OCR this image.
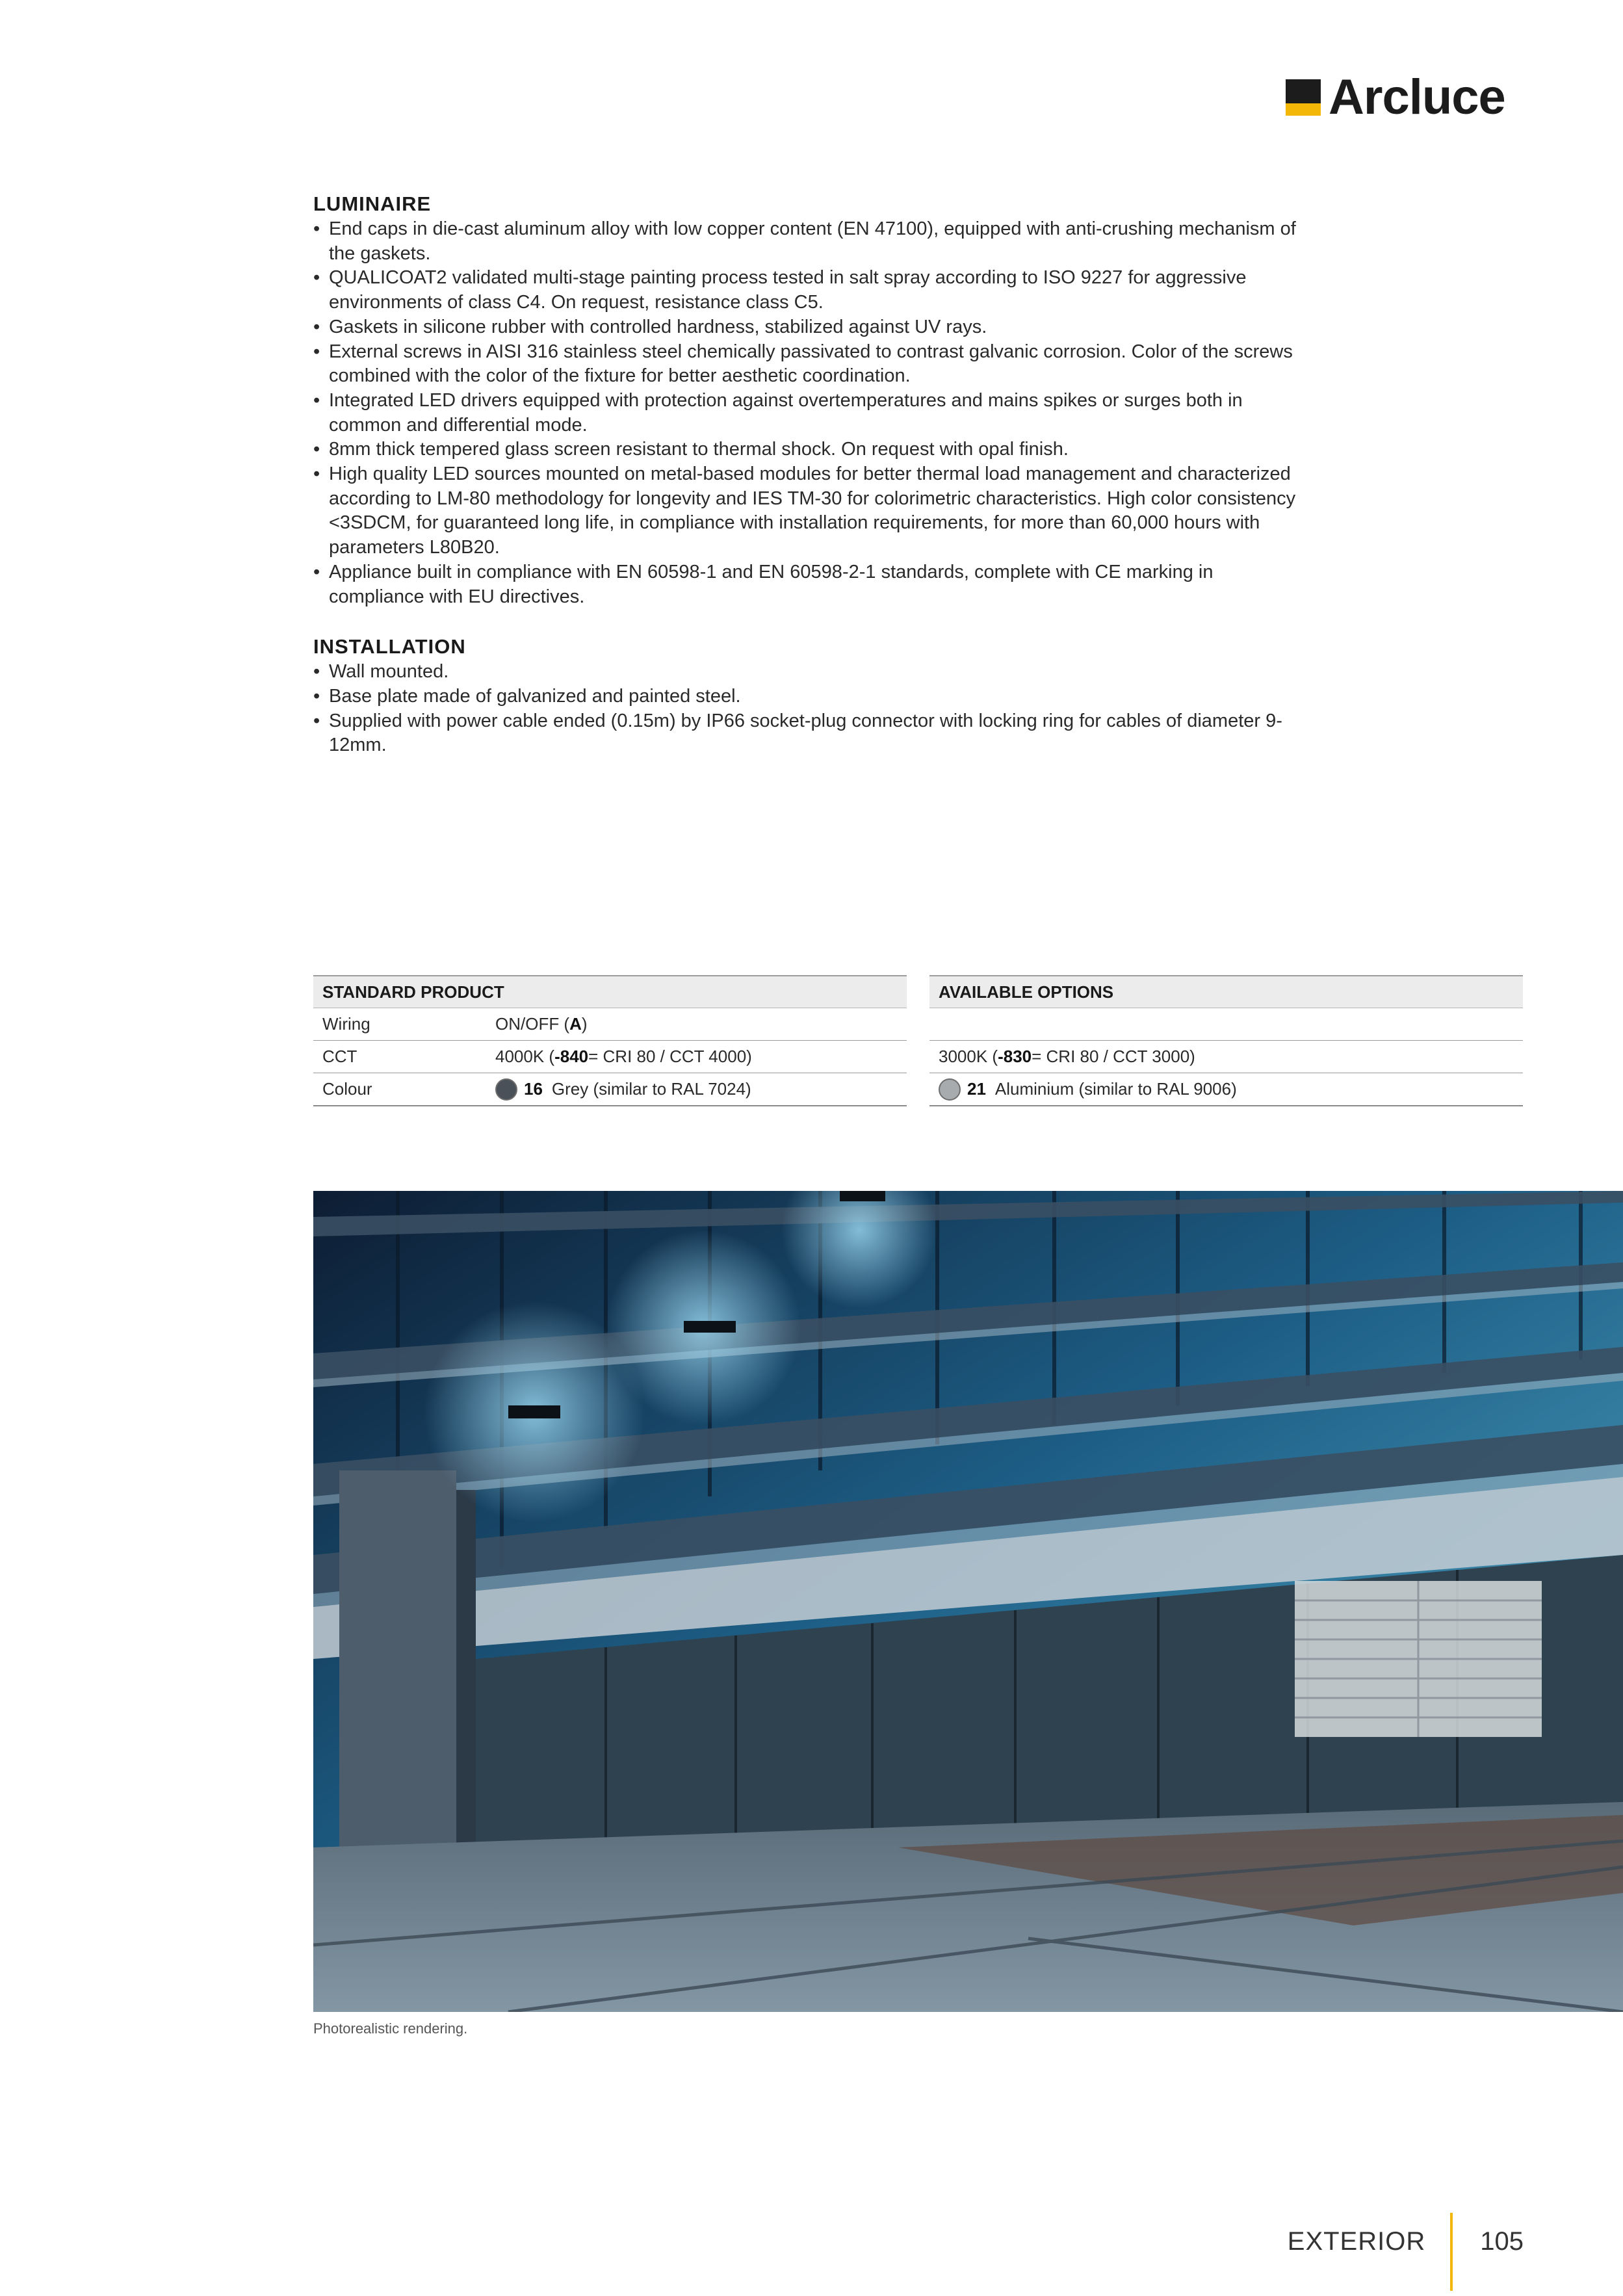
Arcluce
LUMINAIRE
• End caps in die-cast aluminum alloy with low copper content (EN 47100), equipped with anti-crushing mechanism of the gaskets.
• QUALICOAT2 validated multi-stage painting process tested in salt spray according to ISO 9227 for aggressive environments of class C4. On request, resistance class C5.
• Gaskets in silicone rubber with controlled hardness, stabilized against UV rays.
• External screws in AISI 316 stainless steel chemically passivated to contrast galvanic corrosion. Color of the screws combined with the color of the fixture for better aesthetic coordination.
• Integrated LED drivers equipped with protection against overtemperatures and mains spikes or surges both in common and differential mode.
• 8mm thick tempered glass screen resistant to thermal shock. On request with opal finish.
• High quality LED sources mounted on metal-based modules for better thermal load management and characterized according to LM-80 methodology for longevity and IES TM-30 for colorimetric characteristics. High color consistency <3SDCM, for guaranteed long life, in compliance with installation requirements, for more than 60,000 hours with parameters L80B20.
• Appliance built in compliance with EN 60598-1 and EN 60598-2-1 standards, complete with CE marking in compliance with EU directives.
INSTALLATION
• Wall mounted.
• Base plate made of galvanized and painted steel.
• Supplied with power cable ended (0.15m) by IP66 socket-plug connector with locking ring for cables of diameter 9-12mm.
STANDARD PRODUCT
Wiring	ON/OFF ( A )
CCT	4000K ( -840 = CRI 80 / CCT 4000)
Colour	16 Grey (similar to RAL 7024)
AVAILABLE OPTIONS
3000K ( -830 = CRI 80 / CCT 3000)
21 Aluminium (similar to RAL 9006)
Photorealistic rendering.
EXTERIOR 105
